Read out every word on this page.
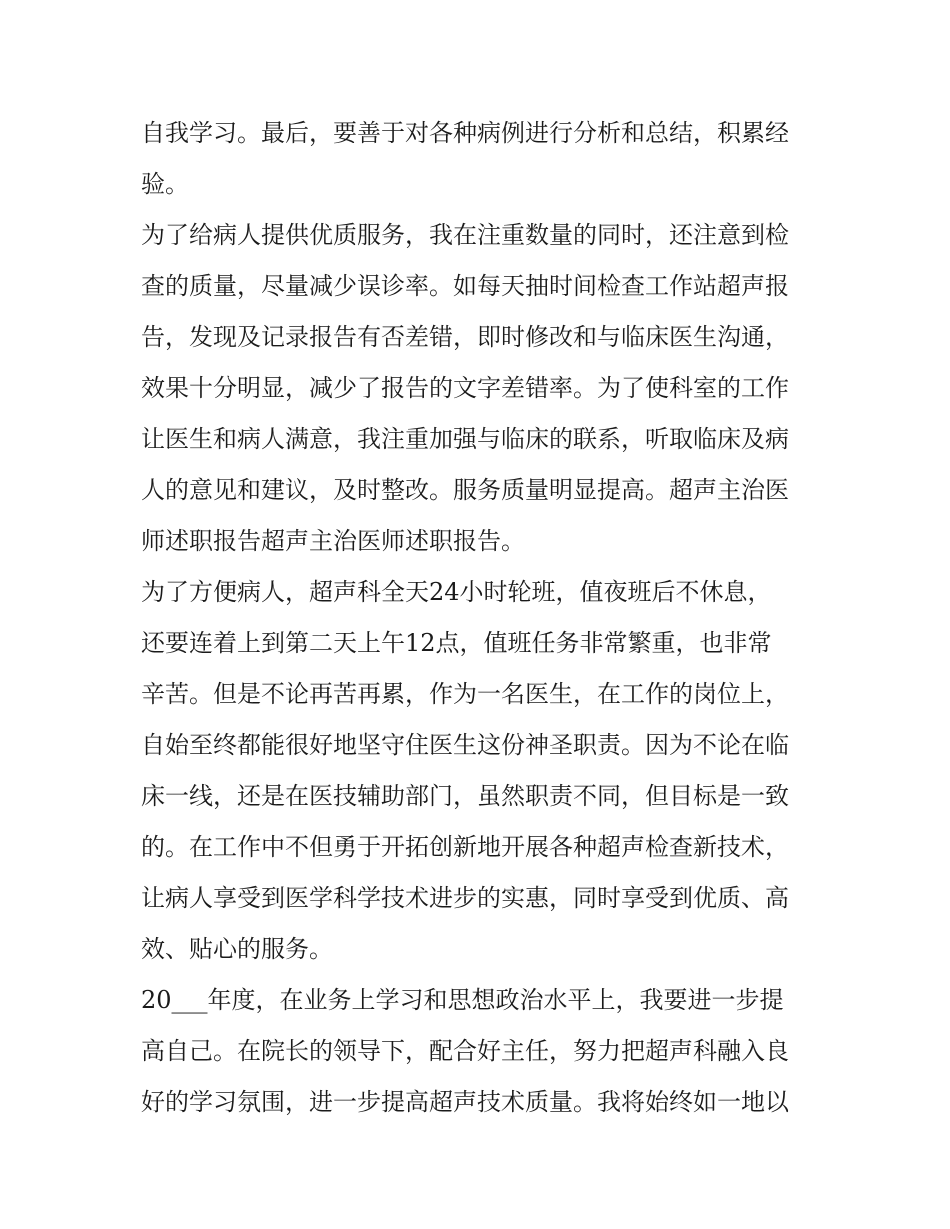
自我学习。最后，要善于对各种病例进行分析和总结，积累经
验。
为了给病人提供优质服务，我在注重数量的同时，还注意到检
查的质量，尽量减少误诊率。如每天抽时间检查工作站超声报
告，发现及记录报告有否差错，即时修改和与临床医生沟通，
效果十分明显，减少了报告的文字差错率。为了使科室的工作
让医生和病人满意，我注重加强与临床的联系，听取临床及病
人的意见和建议，及时整改。服务质量明显提高。超声主治医
师述职报告超声主治医师述职报告。
为了方便病人，超声科全天24小时轮班，值夜班后不休息，
还要连着上到第二天上午12点，值班任务非常繁重，也非常
辛苦。但是不论再苦再累，作为一名医生，在工作的岗位上，
自始至终都能很好地坚守住医生这份神圣职责。因为不论在临
床一线，还是在医技辅助部门，虽然职责不同，但目标是一致
的。在工作中不但勇于开拓创新地开展各种超声检查新技术，
让病人享受到医学科学技术进步的实惠，同时享受到优质、高
效、贴心的服务。
20___年度，在业务上学习和思想政治水平上，我要进一步提
高自己。在院长的领导下，配合好主任，努力把超声科融入良
好的学习氛围，进一步提高超声技术质量。我将始终如一地以
